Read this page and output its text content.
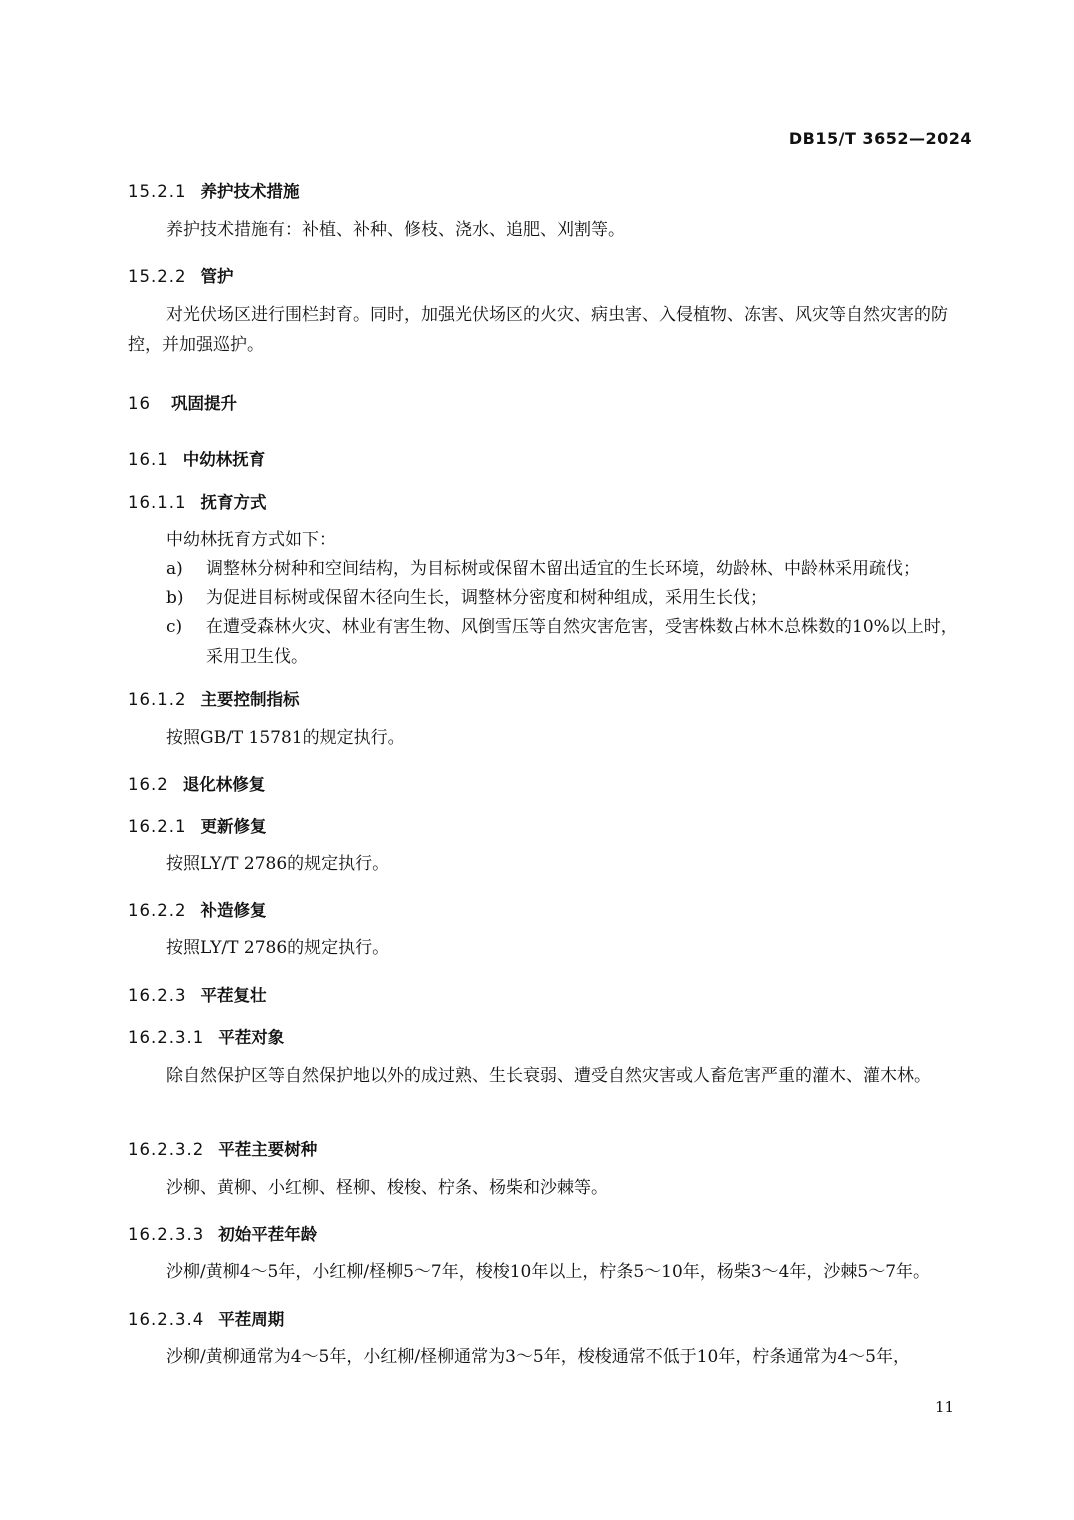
DB15/T 3652—2024
15.2.1 养护技术措施
养护技术措施有：补植、补种、修枝、浇水、追肥、刈割等。
15.2.2 管护
对光伏场区进行围栏封育。同时，加强光伏场区的火灾、病虫害、入侵植物、冻害、风灾等自然灾害的防控，并加强巡护。
16 巩固提升
16.1 中幼林抚育
16.1.1 抚育方式
中幼林抚育方式如下：
a)	调整林分树种和空间结构，为目标树或保留木留出适宜的生长环境，幼龄林、中龄林采用疏伐；
b)	为促进目标树或保留木径向生长，调整林分密度和树种组成，采用生长伐；
c)	在遭受森林火灾、林业有害生物、风倒雪压等自然灾害危害，受害株数占林木总株数的10%以上时，采用卫生伐。
16.1.2 主要控制指标
按照GB/T 15781的规定执行。
16.2 退化林修复
16.2.1 更新修复
按照LY/T 2786的规定执行。
16.2.2 补造修复
按照LY/T 2786的规定执行。
16.2.3 平茬复壮
16.2.3.1 平茬对象
除自然保护区等自然保护地以外的成过熟、生长衰弱、遭受自然灾害或人畜危害严重的灌木、灌木林。
16.2.3.2 平茬主要树种
沙柳、黄柳、小红柳、柽柳、梭梭、柠条、杨柴和沙棘等。
16.2.3.3 初始平茬年龄
沙柳/黄柳4～5年，小红柳/柽柳5～7年，梭梭10年以上，柠条5～10年，杨柴3～4年，沙棘5～7年。
16.2.3.4 平茬周期
沙柳/黄柳通常为4～5年，小红柳/柽柳通常为3～5年，梭梭通常不低于10年，柠条通常为4～5年，
11
